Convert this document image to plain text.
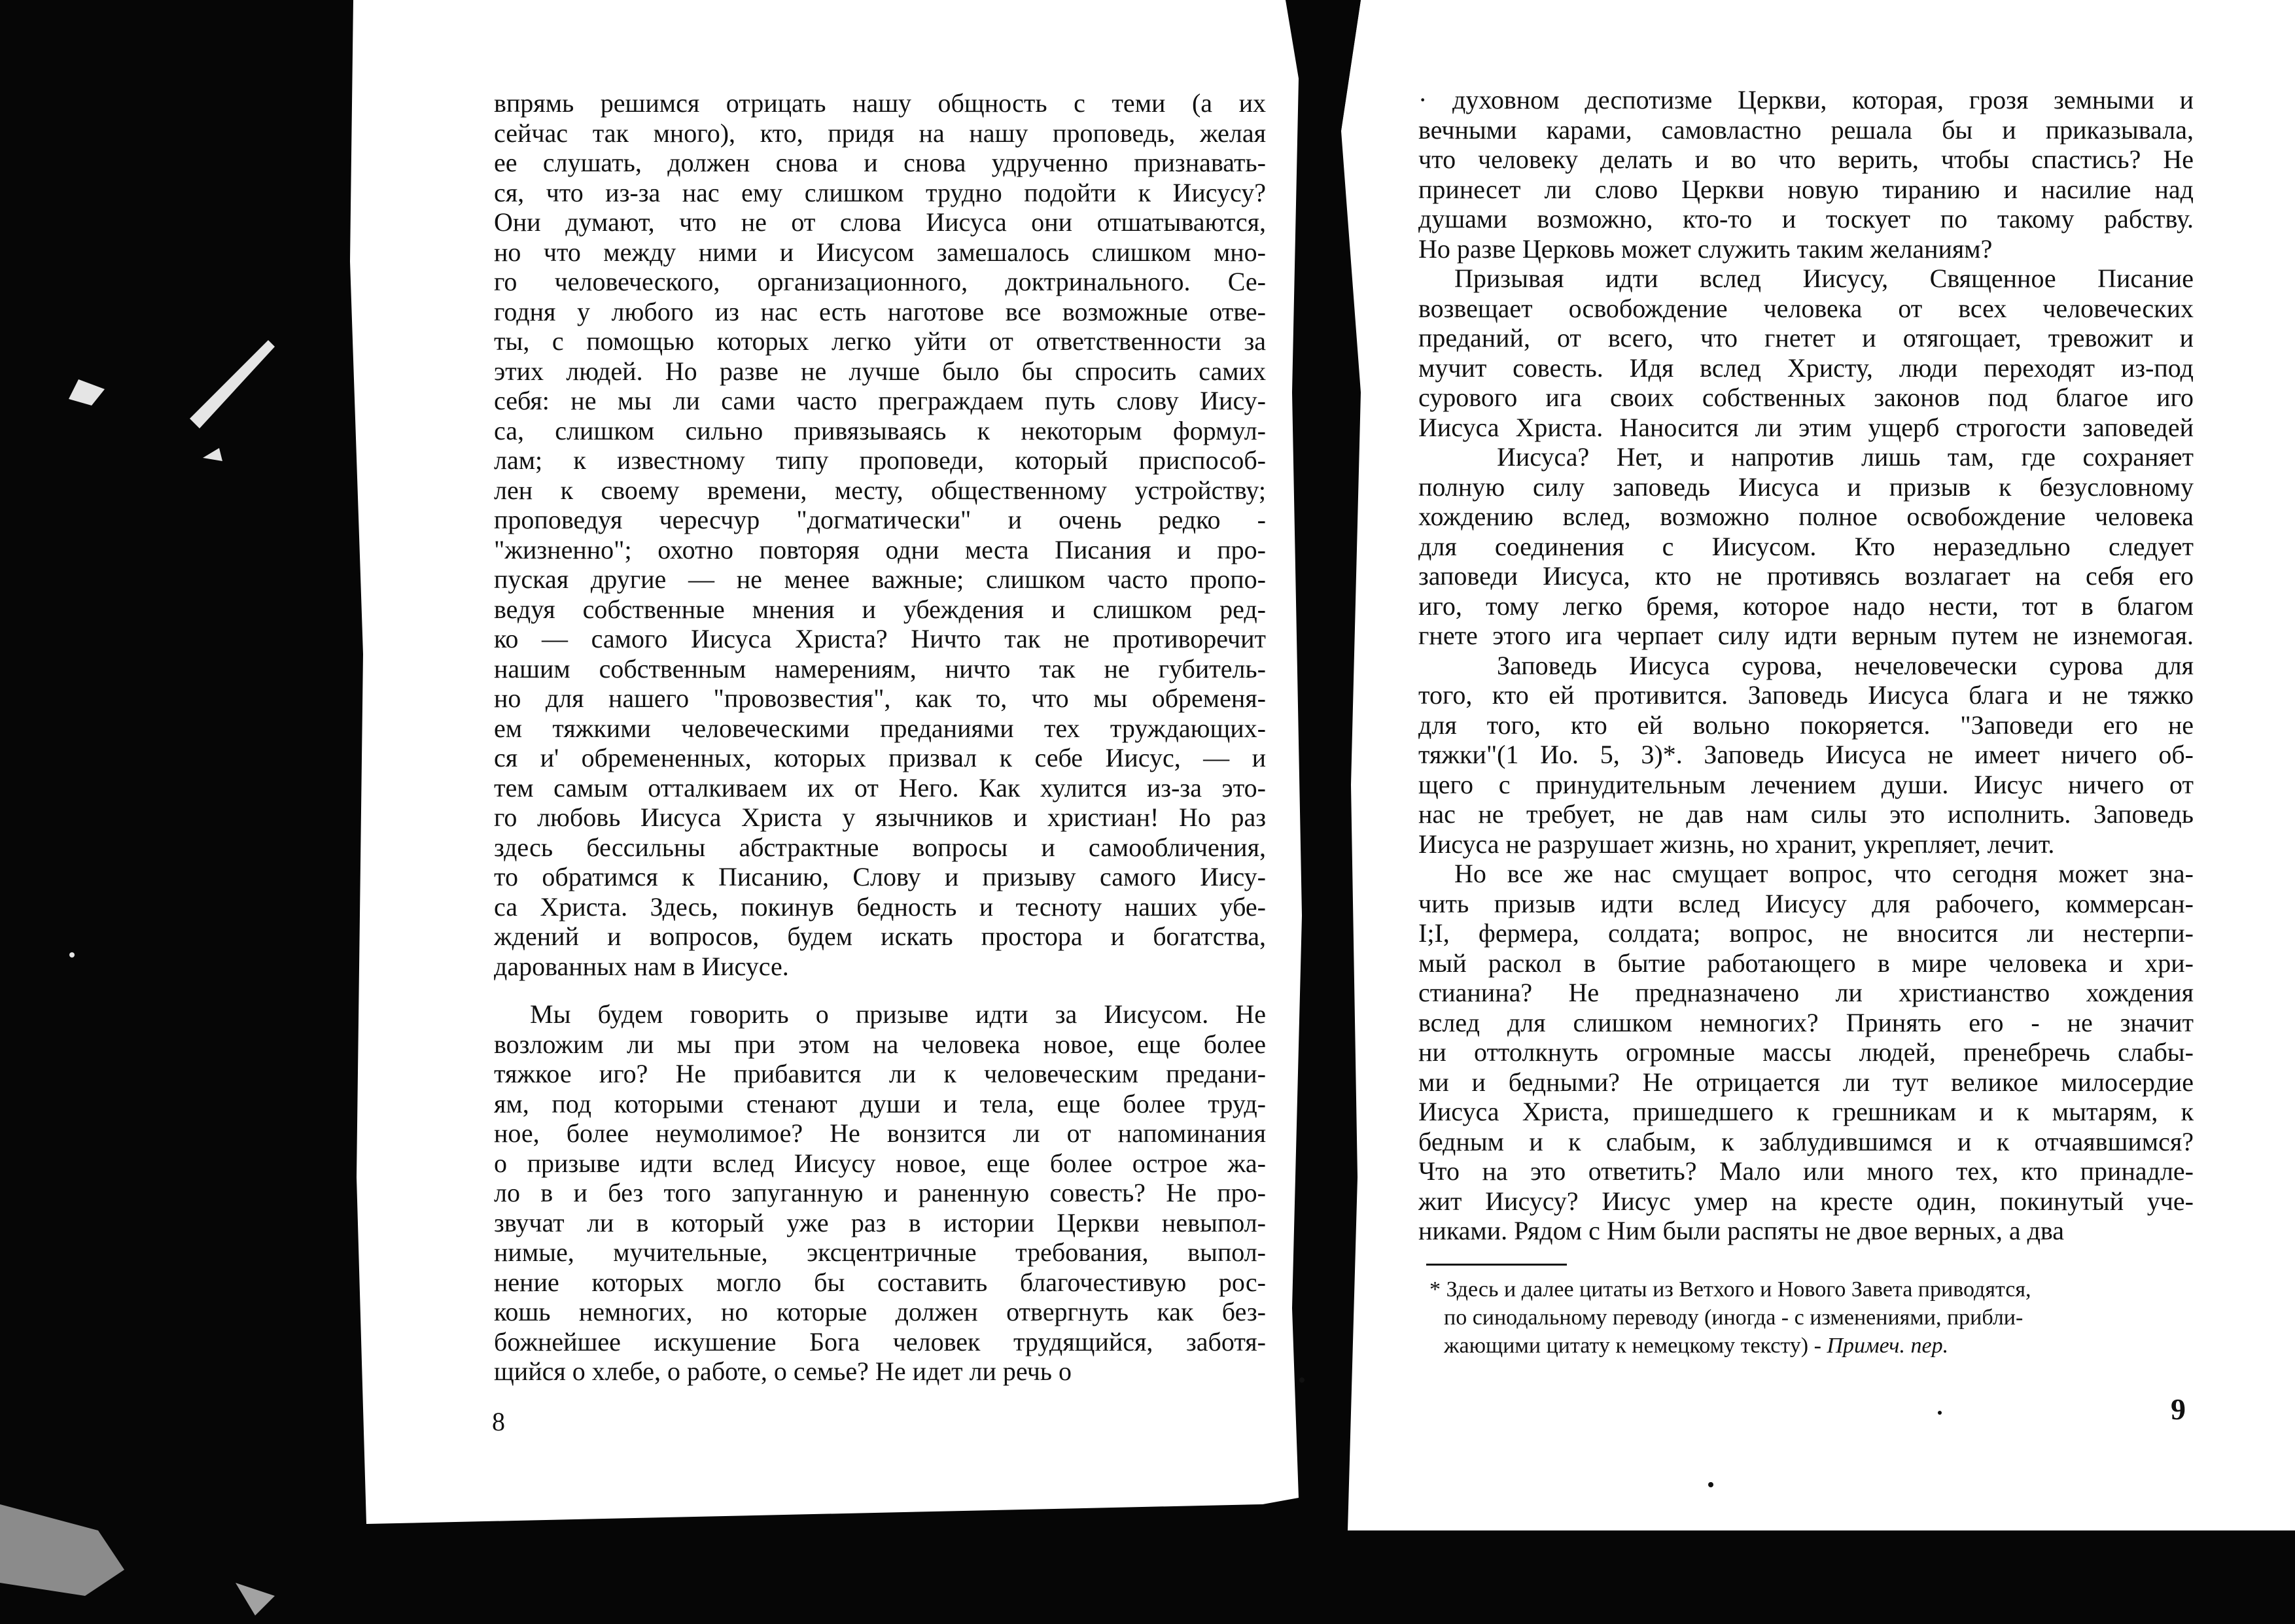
впрямь решимся отрицать нашу общность с теми (а их
сейчас так много), кто, придя на нашу проповедь, желая
ее слушать, должен снова и снова удрученно признавать-
ся, что из-за нас ему слишком трудно подойти к Иисусу?
Они думают, что не от слова Иисуса они отшатываются,
но что между ними и Иисусом замешалось слишком мно-
го человеческого, организационного, доктринального. Се-
годня у любого из нас есть наготове все возможные отве-
ты, с помощью которых легко уйти от ответственности за
этих людей. Но разве не лучше было бы спросить самих
себя: не мы ли сами часто преграждаем путь слову Иису-
са, слишком сильно привязываясь к некоторым формул-
лам; к известному типу проповеди, который приспособ-
лен к своему времени, месту, общественному устройству;
проповедуя чересчур "догматически" и очень редко -
"жизненно"; охотно повторяя одни места Писания и про-
пуская другие — не менее важные; слишком часто пропо-
ведуя собственные мнения и убеждения и слишком ред-
ко — самого Иисуса Христа? Ничто так не противоречит
нашим собственным намерениям, ничто так не губитель-
но для нашего "провозвестия", как то, что мы обременя-
ем тяжкими человеческими преданиями тех труждающих-
ся и' обремененных, которых призвал к себе Иисус, — и
тем самым отталкиваем их от Него. Как хулится из-за это-
го любовь Иисуса Христа у язычников и христиан! Но раз
здесь бессильны абстрактные вопросы и самообличения,
то обратимся к Писанию, Слову и призыву самого Иису-
са Христа. Здесь, покинув бедность и тесноту наших убе-
ждений и вопросов, будем искать простора и богатства,
дарованных нам в Иисусе.

Мы будем говорить о призыве идти за Иисусом. Не
возложим ли мы при этом на человека новое, еще более
тяжкое иго? Не прибавится ли к человеческим предани-
ям, под которыми стенают души и тела, еще более труд-
ное, более неумолимое? Не вонзится ли от напоминания
о призыве идти вслед Иисусу новое, еще более острое жа-
ло в и без того запуганную и раненную совесть? Не про-
звучат ли в который уже раз в истории Церкви невыпол-
нимые, мучительные, эксцентричные требования, выпол-
нение которых могло бы составить благочестивую рос-
кошь немногих, но которые должен отвергнуть как без-
божнейшее искушение Бога человек трудящийся, заботя-
щийся о хлебе, о работе, о семье? Не идет ли речь о

8

· духовном деспотизме Церкви, которая, грозя земными и
вечными карами, самовластно решала бы и приказывала,
что человеку делать и во что верить, чтобы спастись? Не
принесет ли слово Церкви новую тиранию и насилие над
душами возможно, кто-то и тоскует по такому рабству.
Но разве Церковь может служить таким желаниям?

Призывая идти вслед Иисусу, Священное Писание
возвещает освобождение человека от всех человеческих
преданий, от всего, что гнетет и отягощает, тревожит и
мучит совесть. Идя вслед Христу, люди переходят из-под
сурового ига своих собственных законов под благое иго
Иисуса Христа. Наносится ли этим ущерб строгости заповедей
Иисуса? Нет, и напротив лишь там, где сохраняет
полную силу заповедь Иисуса и призыв к безусловному
хождению вслед, возможно полное освобождение человека
для соединения с Иисусом. Кто неразедльно следует
заповеди Иисуса, кто не противясь возлагает на себя его
иго, тому легко бремя, которое надо нести, тот в благом
гнете этого ига черпает силу идти верным путем не изнемогая.
Заповедь Иисуса сурова, нечеловечески сурова для
того, кто ей противится. Заповедь Иисуса блага и не тяжко
для того, кто ей вольно покоряется. "Заповеди его не
тяжки"(1 Ио. 5, 3)*. Заповедь Иисуса не имеет ничего об-
щего с принудительным лечением души. Иисус ничего от
нас не требует, не дав нам силы это исполнить. Заповедь
Иисуса не разрушает жизнь, но хранит, укрепляет, лечит.

Но все же нас смущает вопрос, что сегодня может зна-
чить призыв идти вслед Иисусу для рабочего, коммерсан-
I;I, фермера, солдата; вопрос, не вносится ли нестерпи-
мый раскол в бытие работающего в мире человека и хри-
стианина? Не предназначено ли христианство хождения
вслед для слишком немногих? Принять его - не значит
ни оттолкнуть огромные массы людей, пренебречь слабы-
ми и бедными? Не отрицается ли тут великое милосердие
Иисуса Христа, пришедшего к грешникам и к мытарям, к
бедным и к слабым, к заблудившимся и к отчаявшимся?
Что на это ответить? Мало или много тех, кто принадле-
жит Иисусу? Иисус умер на кресте один, покинутый уче-
никами. Рядом с Ним были распяты не двое верных, а два

* Здесь и далее цитаты из Ветхого и Нового Завета приводятся,
по синодальному переводу (иногда - с изменениями, прибли-
жающими цитату к немецкому тексту) - Примеч. пер.
9
